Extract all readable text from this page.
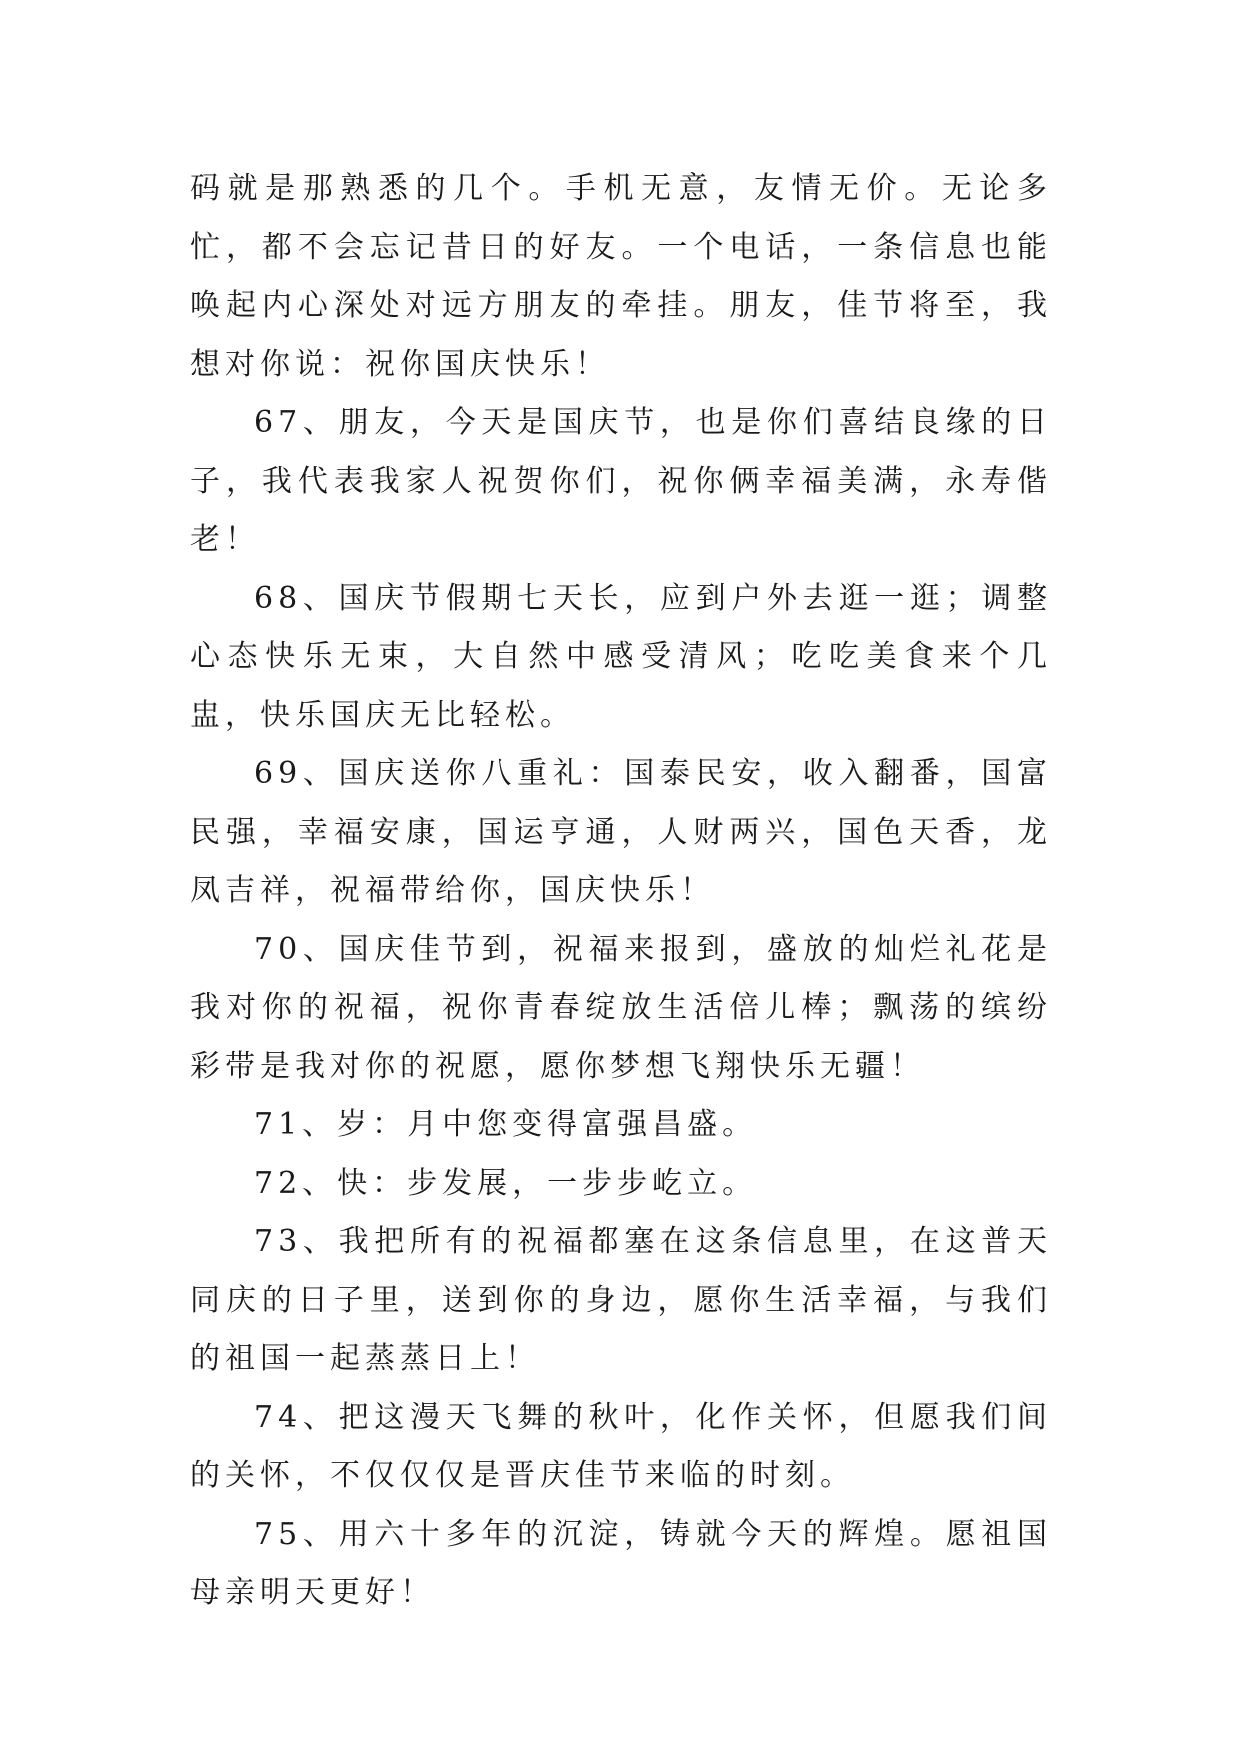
码就是那熟悉的几个。手机无意，友情无价。无论多忙，都不会忘记昔日的好友。一个电话，一条信息也能唤起内心深处对远方朋友的牵挂。朋友，佳节将至，我想对你说：祝你国庆快乐！

67、朋友，今天是国庆节，也是你们喜结良缘的日子，我代表我家人祝贺你们，祝你俩幸福美满，永寿偕老！

68、国庆节假期七天长，应到户外去逛一逛；调整心态快乐无束，大自然中感受清风；吃吃美食来个几盅，快乐国庆无比轻松。

69、国庆送你八重礼：国泰民安，收入翻番，国富民强，幸福安康，国运亨通，人财两兴，国色天香，龙凤吉祥，祝福带给你，国庆快乐！

70、国庆佳节到，祝福来报到，盛放的灿烂礼花是我对你的祝福，祝你青春绽放生活倍儿棒；飘荡的缤纷彩带是我对你的祝愿，愿你梦想飞翔快乐无疆！

71、岁：月中您变得富强昌盛。

72、快：步发展，一步步屹立。

73、我把所有的祝福都塞在这条信息里，在这普天同庆的日子里，送到你的身边，愿你生活幸福，与我们的祖国一起蒸蒸日上！

74、把这漫天飞舞的秋叶，化作关怀，但愿我们间的关怀，不仅仅仅是晋庆佳节来临的时刻。

75、用六十多年的沉淀，铸就今天的辉煌。愿祖国母亲明天更好！
